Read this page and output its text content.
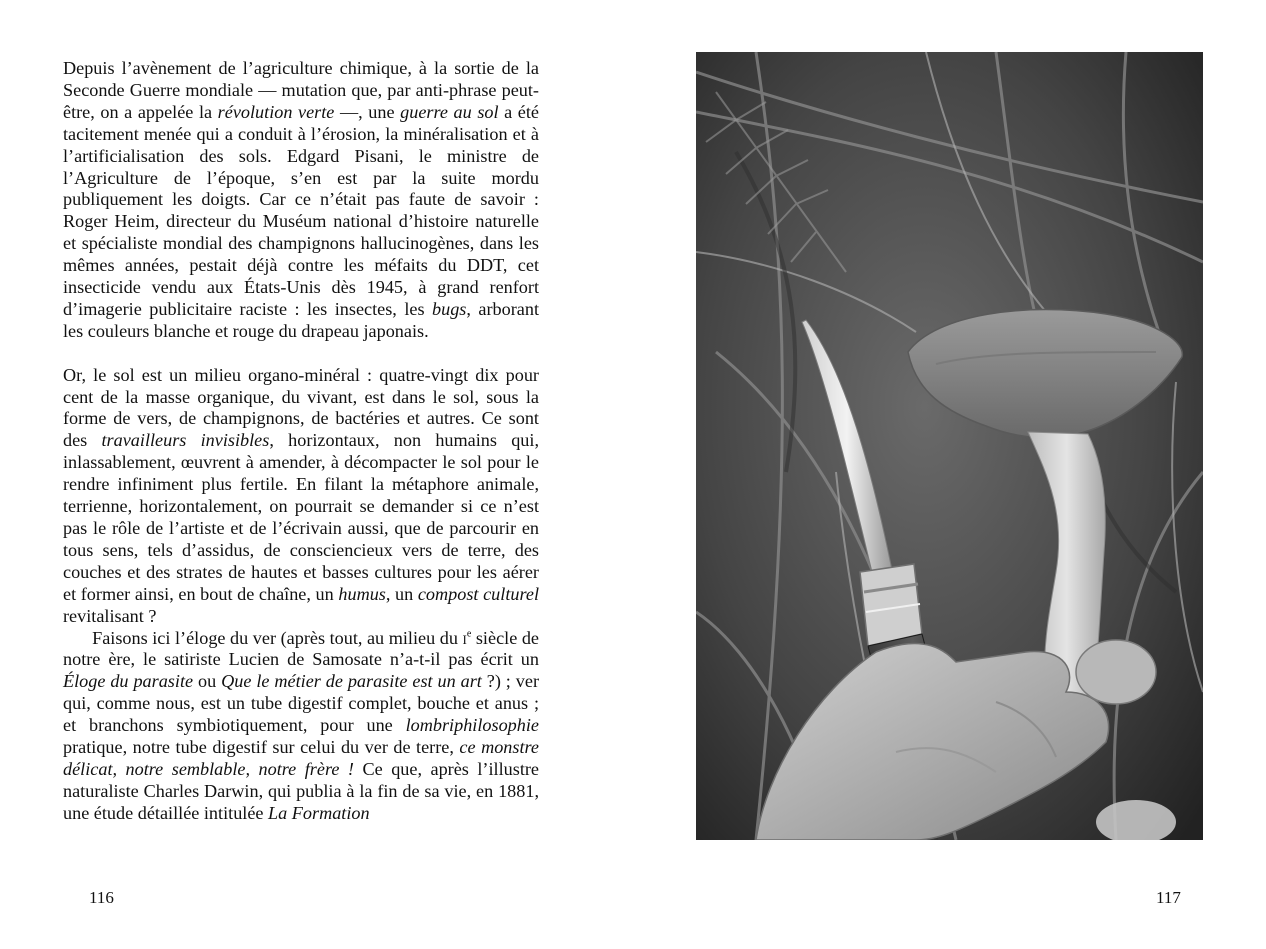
Depuis l’avènement de l’agriculture chimique, à la sortie de la Seconde Guerre mondiale — mutation que, par anti-phrase peut-être, on a appelée la révolution verte —, une guerre au sol a été tacitement menée qui a conduit à l’érosion, la minéralisation et à l’artificialisation des sols. Edgard Pisani, le ministre de l’Agriculture de l’époque, s’en est par la suite mordu publiquement les doigts. Car ce n’était pas faute de savoir : Roger Heim, directeur du Muséum national d’histoire naturelle et spécialiste mondial des champignons hallucinogènes, dans les mêmes années, pestait déjà contre les méfaits du DDT, cet insecticide vendu aux États-Unis dès 1945, à grand renfort d’imagerie publicitaire raciste : les insectes, les bugs, arborant les couleurs blanche et rouge du drapeau japonais.

Or, le sol est un milieu organo-minéral : quatre-vingt dix pour cent de la masse organique, du vivant, est dans le sol, sous la forme de vers, de champignons, de bactéries et autres. Ce sont des travailleurs invisibles, horizontaux, non humains qui, inlassablement, œuvrent à amender, à décompacter le sol pour le rendre infiniment plus fertile. En filant la métaphore animale, terrienne, horizontalement, on pourrait se demander si ce n’est pas le rôle de l’artiste et de l’écrivain aussi, que de parcourir en tous sens, tels d’assidus, de consciencieux vers de terre, des couches et des strates de hautes et basses cultures pour les aérer et former ainsi, en bout de chaîne, un humus, un compost culturel revitalisant ?

Faisons ici l’éloge du ver (après tout, au milieu du $i^e$ siècle de notre ère, le satiriste Lucien de Samosate n’a-t-il pas écrit un Éloge du parasite ou Que le métier de parasite est un art ?) ; ver qui, comme nous, est un tube digestif complet, bouche et anus ; et branchons symbiotiquement, pour une lombriphilosophie pratique, notre tube digestif sur celui du ver de terre, ce monstre délicat, notre semblable, notre frère ! Ce que, après l’illustre naturaliste Charles Darwin, qui publia à la fin de sa vie, en 1881, une étude détaillée intitulée La Formation

116	117
